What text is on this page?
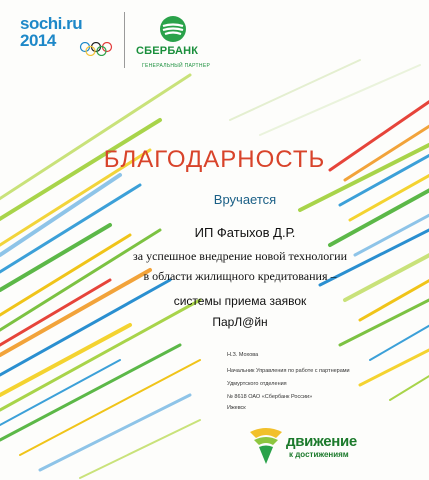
sochi.ru
2014
СБЕРБАНК
ГЕНЕРАЛЬНЫЙ ПАРТНЕР
БЛАГОДАРНОСТЬ
Вручается
ИП Фатыхов Д.Р.
за успешное внедрение новой технологии
в области жилищного кредитования –
системы приема заявок
ПарЛ@йн
Н.З. Мохова
Начальник Управления по работе с партнерами
Удмуртского отделения
№ 8618 ОАО «Сбербанк России»
Ижевск
движение
к достижениям
